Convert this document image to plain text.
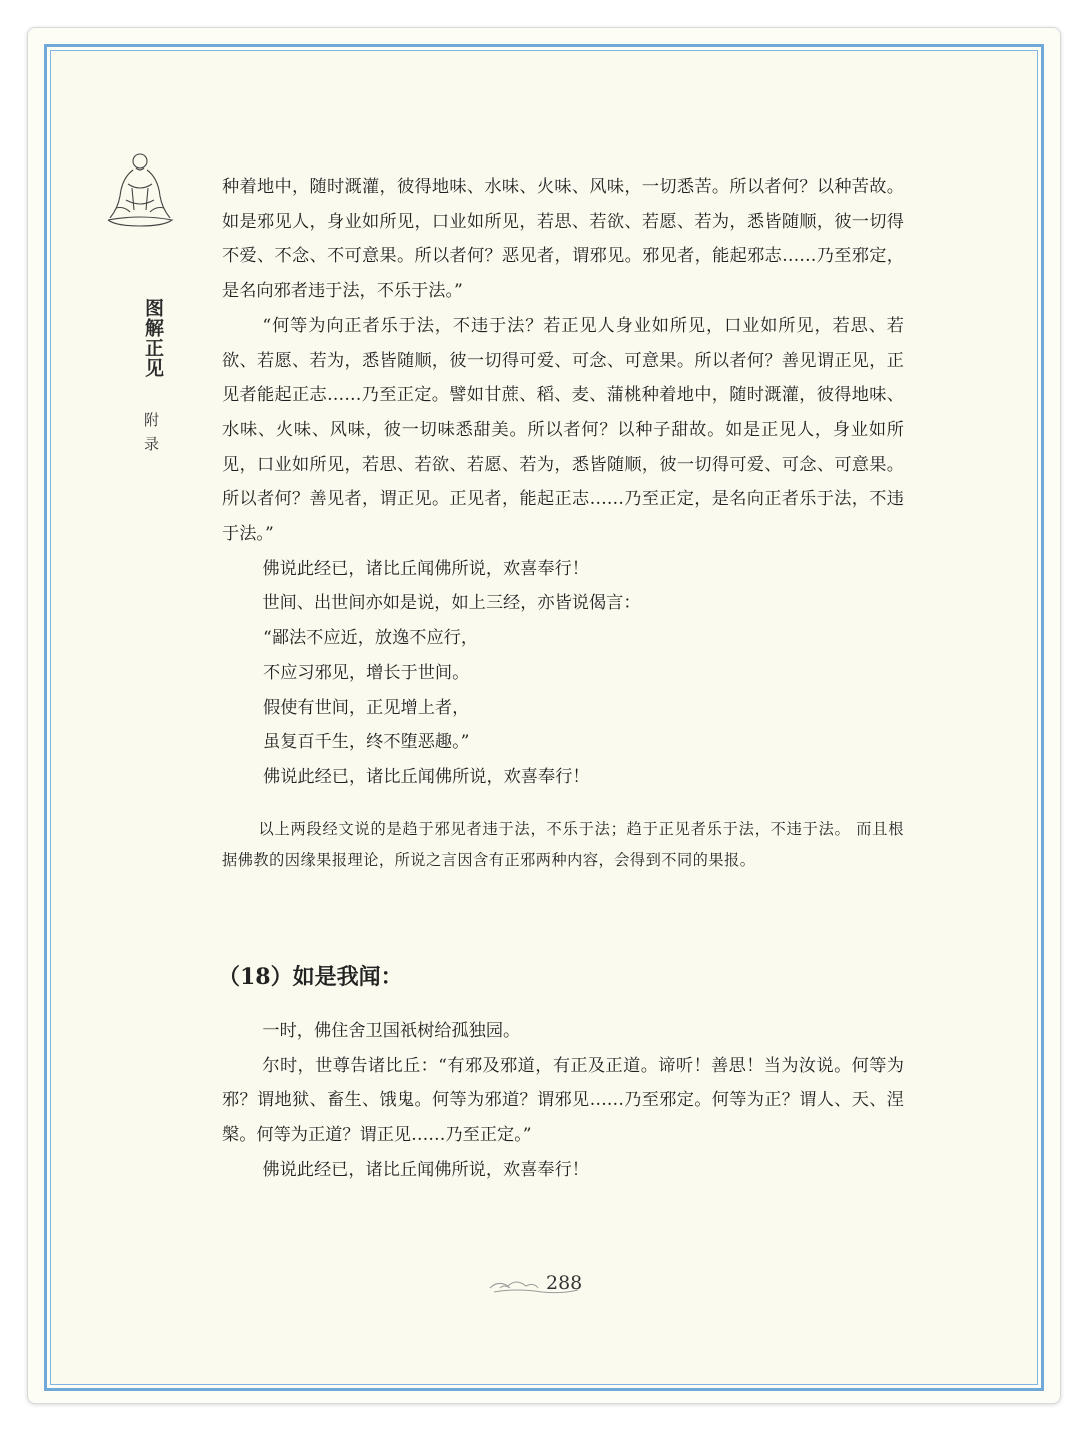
图解正见
附录

种着地中，随时溉灌，彼得地味、水味、火味、风味，一切悉苦。所以者何？以种苦故。如是邪见人，身业如所见，口业如所见，若思、若欲、若愿、若为，悉皆随顺，彼一切得不爱、不念、不可意果。所以者何？恶见者，谓邪见。邪见者，能起邪志……乃至邪定，是名向邪者违于法，不乐于法。”

“何等为向正者乐于法，不违于法？若正见人身业如所见，口业如所见，若思、若欲、若愿、若为，悉皆随顺，彼一切得可爱、可念、可意果。所以者何？善见谓正见，正见者能起正志……乃至正定。譬如甘蔗、稻、麦、蒲桃种着地中，随时溉灌，彼得地味、水味、火味、风味，彼一切味悉甜美。所以者何？以种子甜故。如是正见人，身业如所见，口业如所见，若思、若欲、若愿、若为，悉皆随顺，彼一切得可爱、可念、可意果。所以者何？善见者，谓正见。正见者，能起正志……乃至正定，是名向正者乐于法，不违于法。”

佛说此经已，诸比丘闻佛所说，欢喜奉行！

世间、出世间亦如是说，如上三经，亦皆说偈言：

“鄙法不应近，放逸不应行，

不应习邪见，增长于世间。

假使有世间，正见增上者，

虽复百千生，终不堕恶趣。”

佛说此经已，诸比丘闻佛所说，欢喜奉行！

以上两段经文说的是趋于邪见者违于法，不乐于法；趋于正见者乐于法，不违于法。 而且根据佛教的因缘果报理论，所说之言因含有正邪两种内容，会得到不同的果报。
（18）如是我闻：

一时，佛住舍卫国祇树给孤独园。

尔时，世尊告诸比丘：“有邪及邪道，有正及正道。谛听！善思！当为汝说。何等为邪？谓地狱、畜生、饿鬼。何等为邪道？谓邪见……乃至邪定。何等为正？谓人、天、涅槃。何等为正道？谓正见……乃至正定。”

佛说此经已，诸比丘闻佛所说，欢喜奉行！

288
